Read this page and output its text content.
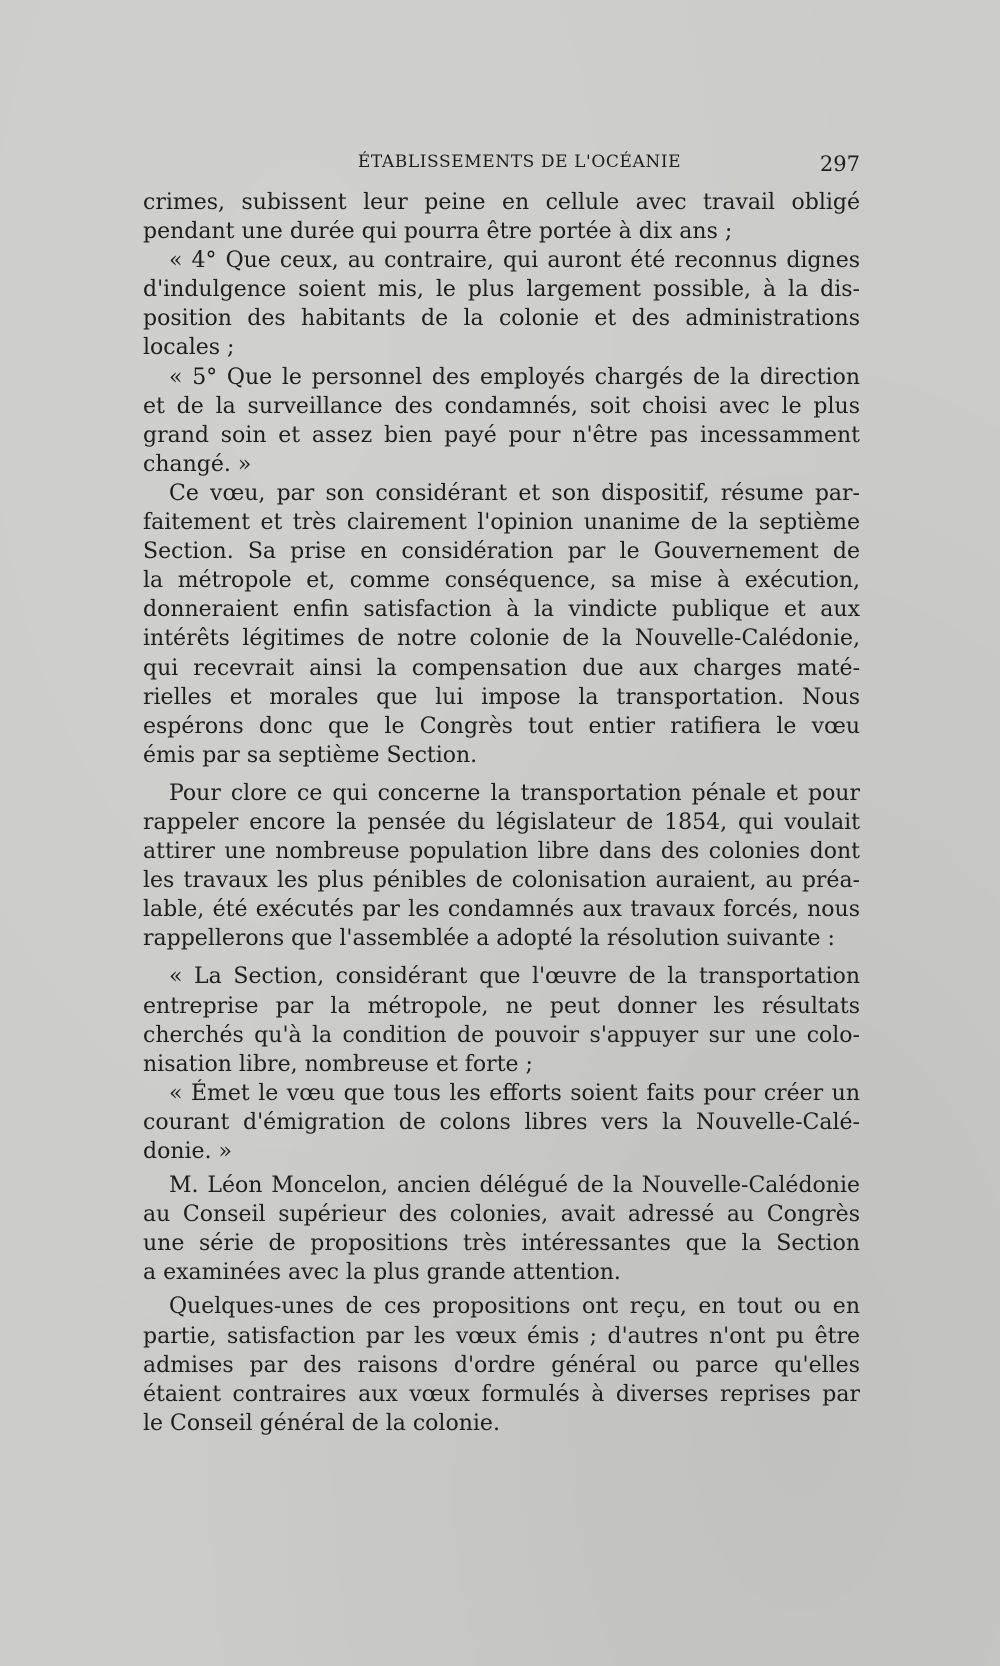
ÉTABLISSEMENTS DE L'OCÉANIE	297
crimes, subissent leur peine en cellule avec travail obligé
pendant une durée qui pourra être portée à dix ans ;
« 4° Que ceux, au contraire, qui auront été reconnus dignes
d'indulgence soient mis, le plus largement possible, à la dis-
position des habitants de la colonie et des administrations
locales ;
« 5° Que le personnel des employés chargés de la direction
et de la surveillance des condamnés, soit choisi avec le plus
grand soin et assez bien payé pour n'être pas incessamment
changé. »
Ce vœu, par son considérant et son dispositif, résume par-
faitement et très clairement l'opinion unanime de la septième
Section. Sa prise en considération par le Gouvernement de
la métropole et, comme conséquence, sa mise à exécution,
donneraient enfin satisfaction à la vindicte publique et aux
intérêts légitimes de notre colonie de la Nouvelle-Calédonie,
qui recevrait ainsi la compensation due aux charges maté-
rielles et morales que lui impose la transportation. Nous
espérons donc que le Congrès tout entier ratifiera le vœu
émis par sa septième Section.
Pour clore ce qui concerne la transportation pénale et pour
rappeler encore la pensée du législateur de 1854, qui voulait
attirer une nombreuse population libre dans des colonies dont
les travaux les plus pénibles de colonisation auraient, au préa-
lable, été exécutés par les condamnés aux travaux forcés, nous
rappellerons que l'assemblée a adopté la résolution suivante :
« La Section, considérant que l'œuvre de la transportation
entreprise par la métropole, ne peut donner les résultats
cherchés qu'à la condition de pouvoir s'appuyer sur une colo-
nisation libre, nombreuse et forte ;
« Émet le vœu que tous les efforts soient faits pour créer un
courant d'émigration de colons libres vers la Nouvelle-Calé-
donie. »
M. Léon Moncelon, ancien délégué de la Nouvelle-Calédonie
au Conseil supérieur des colonies, avait adressé au Congrès
une série de propositions très intéressantes que la Section
a examinées avec la plus grande attention.
Quelques-unes de ces propositions ont reçu, en tout ou en
partie, satisfaction par les vœux émis ; d'autres n'ont pu être
admises par des raisons d'ordre général ou parce qu'elles
étaient contraires aux vœux formulés à diverses reprises par
le Conseil général de la colonie.
